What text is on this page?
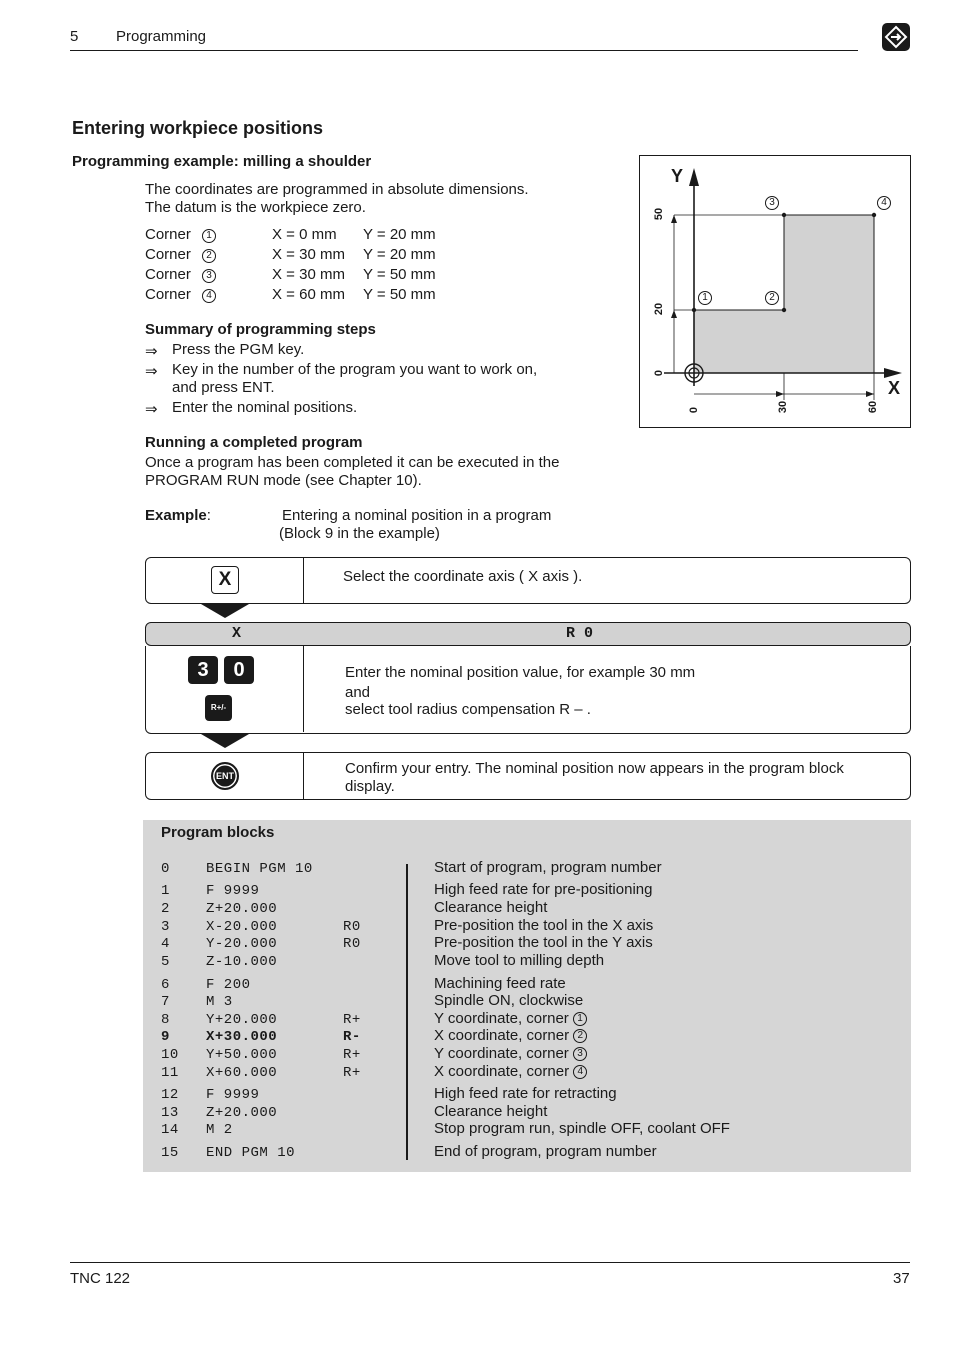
5	Programming
Entering workpiece positions
Programming example: milling a shoulder
The coordinates are programmed in absolute dimensions.
The datum is the workpiece zero.
Corner	1	X = 0 mm Y = 20 mm
Corner	2	X = 30 mm Y = 20 mm
Corner	3	X = 30 mm Y = 50 mm
Corner	4	X = 60 mm Y = 50 mm
Summary of programming steps
⇒ Press the PGM key.
⇒ Key in the number of the program you want to work on,
and press ENT.
⇒ Enter the nominal positions.
Running a completed program
Once a program has been completed it can be executed in the
PROGRAM RUN mode (see Chapter 10).
Example:	Entering a nominal position in a program
(Block 9 in the example)
Y
X
50
20
0
0	30	60
1	2
3	4
X	Select the coordinate axis ( X axis ).
X	R 0
3	0
R+/-
Enter the nominal position value, for example 30 mm
and
select tool radius compensation R – .
ENT	Confirm your entry. The nominal position now appears in the program block
display.
Program blocks
0	BEGIN PGM 10	Start of program, program number
1	F 9999	High feed rate for pre-positioning
2	Z+20.000	Clearance height
3	X-20.000	R0	Pre-position the tool in the X axis
4	Y-20.000	R0	Pre-position the tool in the Y axis
5	Z-10.000	Move tool to milling depth
6	F 200	Machining feed rate
7	M 3	Spindle ON, clockwise
8	Y+20.000	R+	Y coordinate, corner 1
9	X+30.000	R-	X coordinate, corner 2
10 Y+50.000	R+	Y coordinate, corner 3
11 X+60.000	R+	X coordinate, corner 4
12 F 9999	High feed rate for retracting
13 Z+20.000	Clearance height
14 M 2	Stop program run, spindle OFF, coolant OFF
15 END PGM 10	End of program, program number
TNC 122	37
